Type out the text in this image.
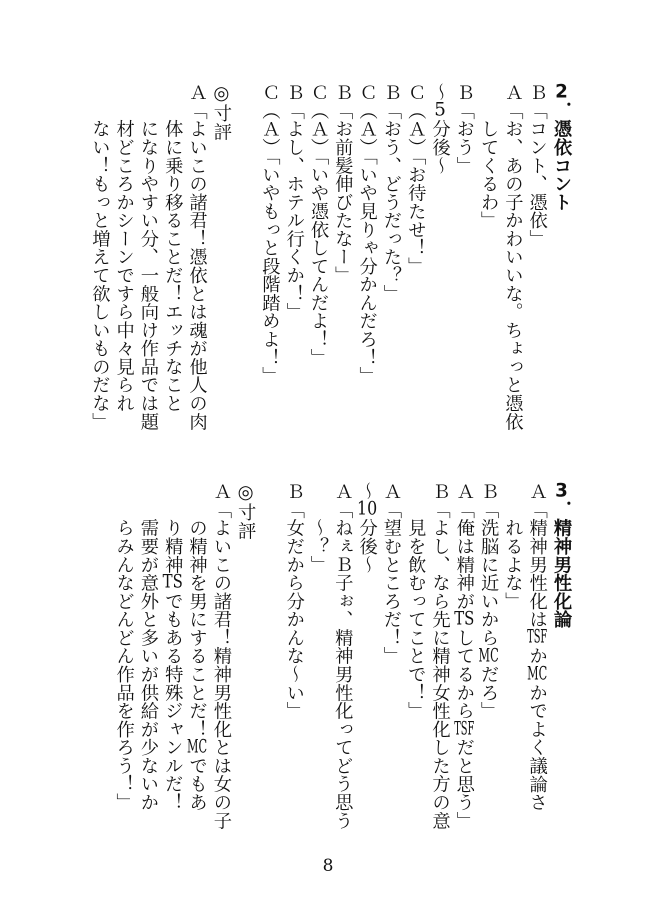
2．憑依コント
Ｂ「コント、憑依」
Ａ「お、あの子かわいいな。ちょっと憑依
　　してくるわ」
Ｂ「おう」
〜5分後〜
Ｃ（Ａ）「お待たせ！」
Ｂ「おう、どうだった？」
Ｃ（Ａ）「いや見りゃ分かんだろ！」
Ｂ「お前髪伸びたなー」
Ｃ（Ａ）「いや憑依してんだよ！」
Ｂ「よし、ホテル行くか！」
Ｃ（Ａ）「いやもっと段階踏めよ！」
◎寸評
Ａ「よいこの諸君！憑依とは魂が他人の肉
　　体に乗り移ることだ！エッチなこと
　　になりやすい分、一般向け作品では題
　　材どころかシーンですら中々見られ
　　ない！もっと増えて欲しいものだな」
3．精神男性化論
Ａ「精神男性化はTSFかMCかでよく議論さ
　　れるよな」
Ｂ「洗脳に近いからMCだろ」
Ａ「俺は精神がTSしてるからTSFだと思う」
Ｂ「よし、なら先に精神女性化した方の意
　　見を飲むってことで！」
Ａ「望むところだ！」
〜10分後〜
Ａ「ねぇＢ子ぉ、精神男性化ってどう思う
　　〜？」
Ｂ「女だから分かんな〜い」
◎寸評
Ａ「よいこの諸君！精神男性化とは女の子
　　の精神を男にすることだ！MCでもあ
　　り精神TSでもある特殊ジャンルだ！
　　需要が意外と多いが供給が少ないか
　　らみんなどんどん作品を作ろう！」
8
